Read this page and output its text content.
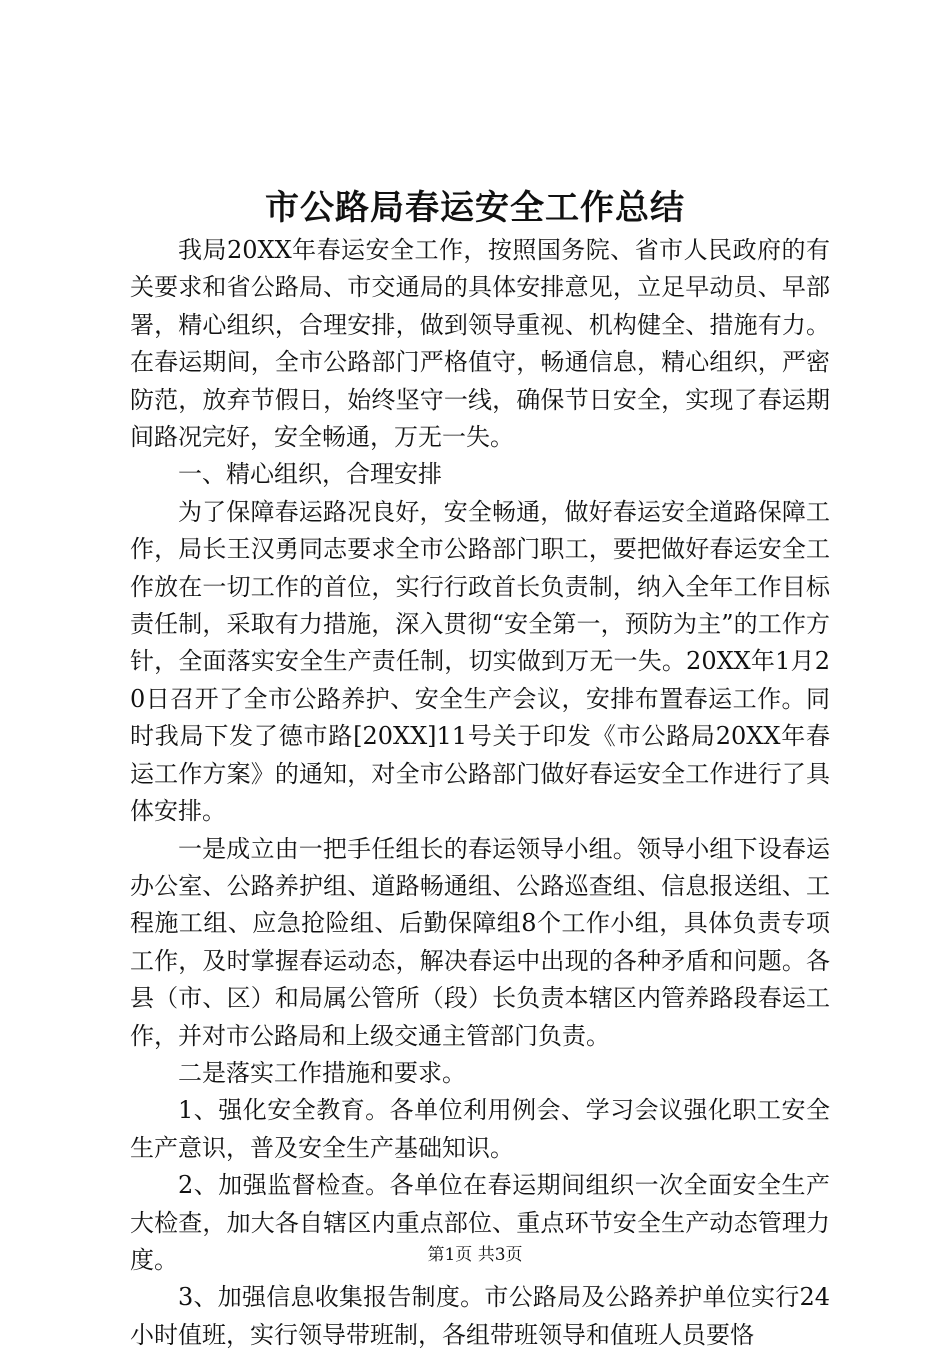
市公路局春运安全工作总结

我局20XX年春运安全工作，按照国务院、省市人民政府的有关要求和省公路局、市交通局的具体安排意见，立足早动员、早部署，精心组织，合理安排，做到领导重视、机构健全、措施有力。在春运期间，全市公路部门严格值守，畅通信息，精心组织，严密防范，放弃节假日，始终坚守一线，确保节日安全，实现了春运期间路况完好，安全畅通，万无一失。

一、精心组织，合理安排

为了保障春运路况良好，安全畅通，做好春运安全道路保障工作，局长王汉勇同志要求全市公路部门职工，要把做好春运安全工作放在一切工作的首位，实行行政首长负责制，纳入全年工作目标责任制，采取有力措施，深入贯彻“安全第一，预防为主”的工作方针，全面落实安全生产责任制，切实做到万无一失。20XX年1月20日召开了全市公路养护、安全生产会议，安排布置春运工作。同时我局下发了德市路[20XX]11号关于印发《市公路局20XX年春运工作方案》的通知，对全市公路部门做好春运安全工作进行了具体安排。

一是成立由一把手任组长的春运领导小组。领导小组下设春运办公室、公路养护组、道路畅通组、公路巡查组、信息报送组、工程施工组、应急抢险组、后勤保障组8个工作小组，具体负责专项工作，及时掌握春运动态，解决春运中出现的各种矛盾和问题。各县（市、区）和局属公管所（段）长负责本辖区内管养路段春运工作，并对市公路局和上级交通主管部门负责。

二是落实工作措施和要求。

1、强化安全教育。各单位利用例会、学习会议强化职工安全生产意识，普及安全生产基础知识。

2、加强监督检查。各单位在春运期间组织一次全面安全生产大检查，加大各自辖区内重点部位、重点环节安全生产动态管理力度。

3、加强信息收集报告制度。市公路局及公路养护单位实行24小时值班，实行领导带班制，各组带班领导和值班人员要恪

第1页 共3页
